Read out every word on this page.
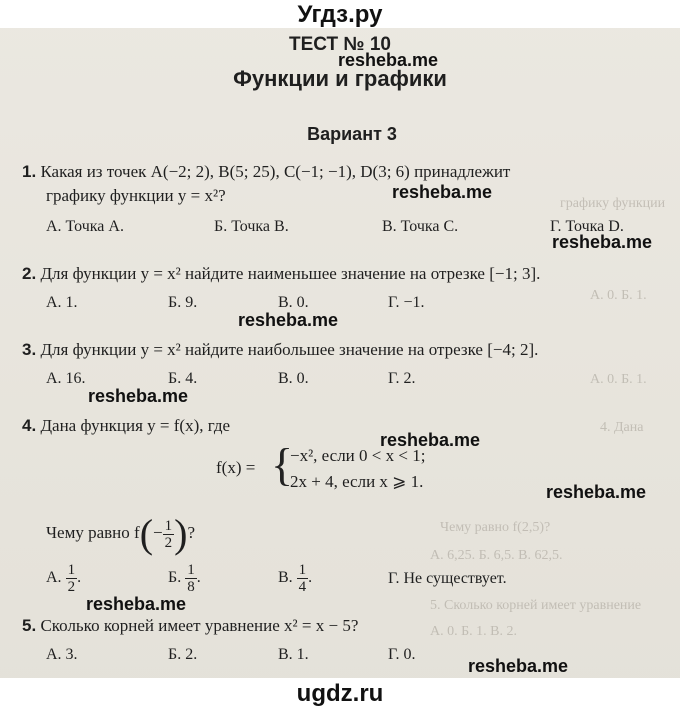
графику функции
А. 0. Б. 1.
А. 0. Б. 1.
4. Дана
Чему равно f(2,5)?
А. 6,25. Б. 6,5. В. 62,5.
5. Сколько корней имеет уравнение
А. 0. Б. 1. В. 2.
Угдз.ру
ТЕСТ № 10
Функции и графики
Вариант 3
resheba.me
1. Какая из точек A(−2; 2), B(5; 25), C(−1; −1), D(3; 6) принадлежит
графику функции y = x²?	resheba.me
А. Точка A.	Б. Точка B.	В. Точка C.	Г. Точка D.
resheba.me
2. Для функции y = x² найдите наименьшее значение на отрезке [−1; 3].
А. 1.	Б. 9.	В. 0.	Г. −1.
resheba.me
3. Для функции y = x² найдите наибольшее значение на отрезке [−4; 2].
А. 16.	Б. 4.	В. 0.	Г. 2.
resheba.me
4. Дана функция y = f(x), где
resheba.me
f(x) = {
−x², если 0 < x < 1;
2x + 4, если x ⩾ 1.
resheba.me
Чему равно $f(- \frac{1}{2}$ )?
А. $\frac{1}{2}$ .	Б. $\frac{1}{8}$ .	В. $\frac{1}{4}$ .	Г. Не существует.
resheba.me
5. Сколько корней имеет уравнение x² = x − 5?
А. 3.	Б. 2.	В. 1.	Г. 0.
resheba.me
ugdz.ru
